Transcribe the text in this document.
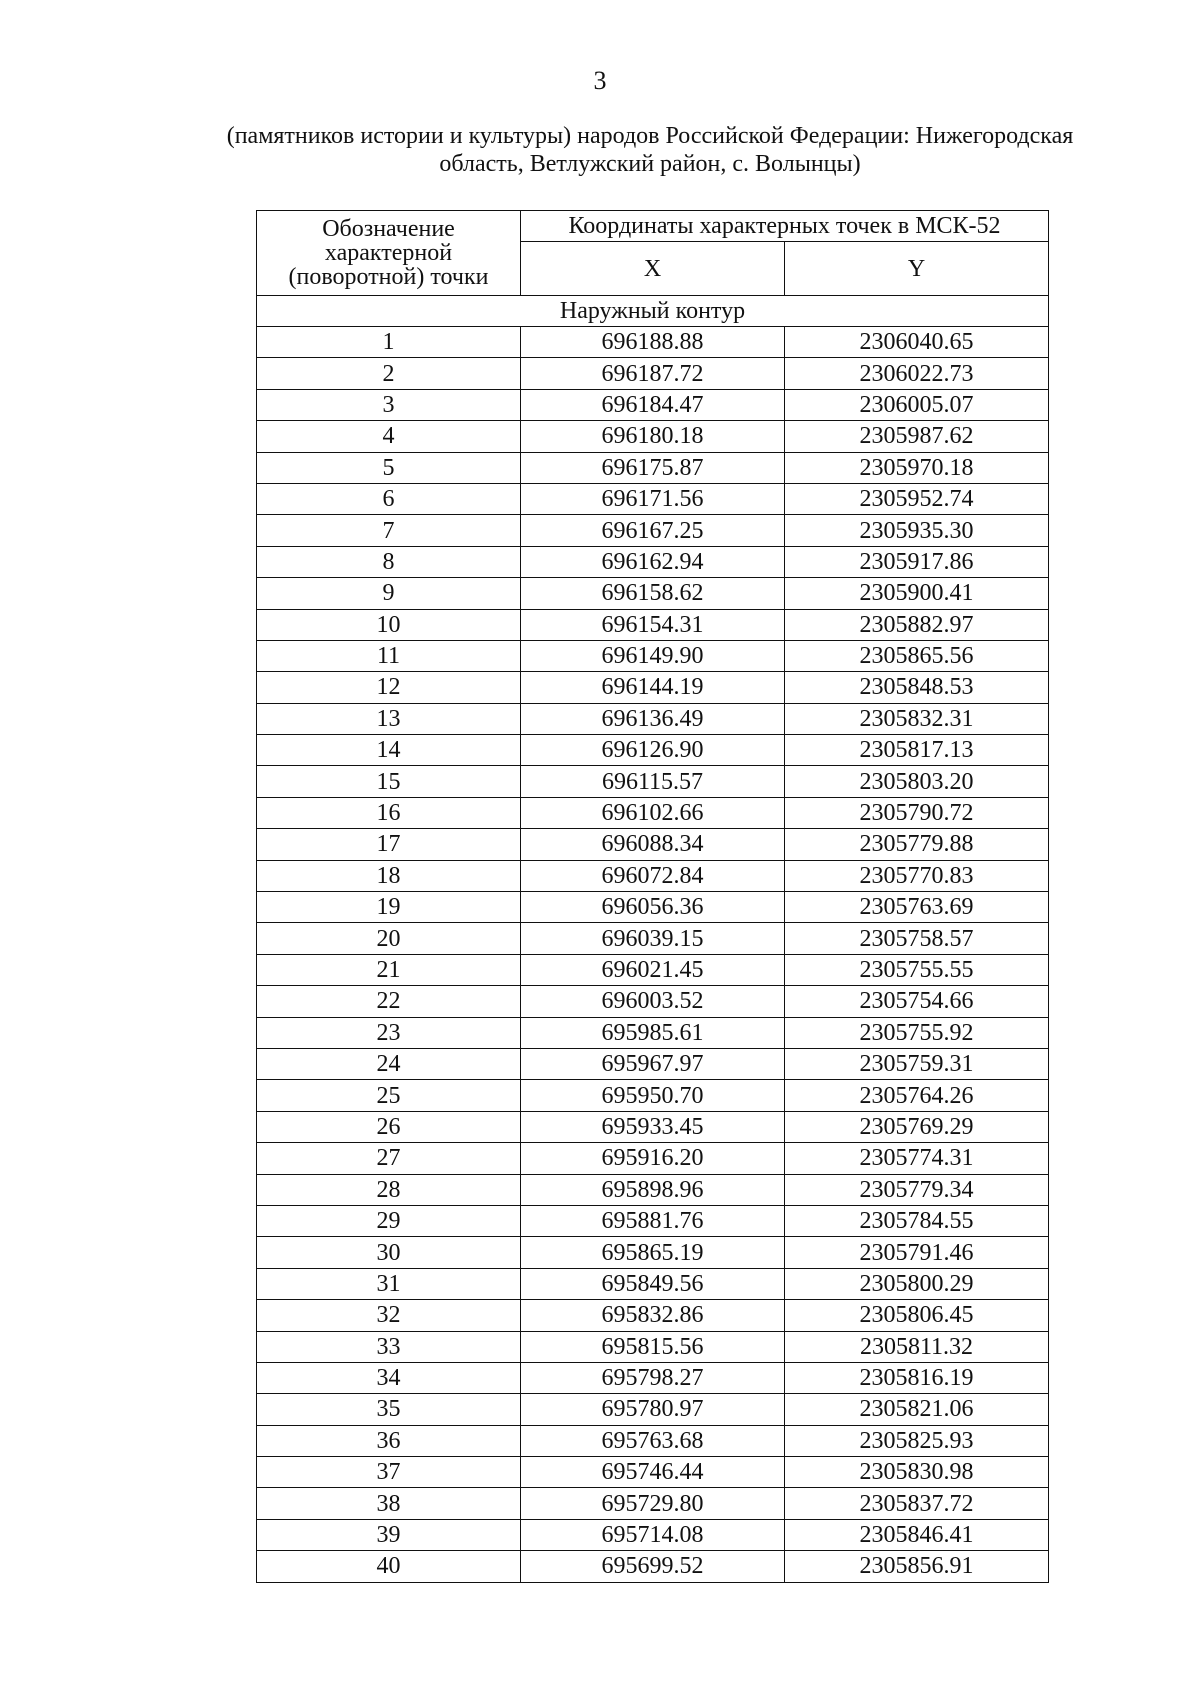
3
(памятников истории и культуры) народов Российской Федерации: Нижегородская
область, Ветлужский район, с. Волынцы)
Обозначение
характерной
(поворотной) точки	Координаты характерных точек в МСК-52	
	X	Y
Наружный контур		
1	696188.88	2306040.65
2	696187.72	2306022.73
3	696184.47	2306005.07
4	696180.18	2305987.62
5	696175.87	2305970.18
6	696171.56	2305952.74
7	696167.25	2305935.30
8	696162.94	2305917.86
9	696158.62	2305900.41
10	696154.31	2305882.97
11	696149.90	2305865.56
12	696144.19	2305848.53
13	696136.49	2305832.31
14	696126.90	2305817.13
15	696115.57	2305803.20
16	696102.66	2305790.72
17	696088.34	2305779.88
18	696072.84	2305770.83
19	696056.36	2305763.69
20	696039.15	2305758.57
21	696021.45	2305755.55
22	696003.52	2305754.66
23	695985.61	2305755.92
24	695967.97	2305759.31
25	695950.70	2305764.26
26	695933.45	2305769.29
27	695916.20	2305774.31
28	695898.96	2305779.34
29	695881.76	2305784.55
30	695865.19	2305791.46
31	695849.56	2305800.29
32	695832.86	2305806.45
33	695815.56	2305811.32
34	695798.27	2305816.19
35	695780.97	2305821.06
36	695763.68	2305825.93
37	695746.44	2305830.98
38	695729.80	2305837.72
39	695714.08	2305846.41
40	695699.52	2305856.91
